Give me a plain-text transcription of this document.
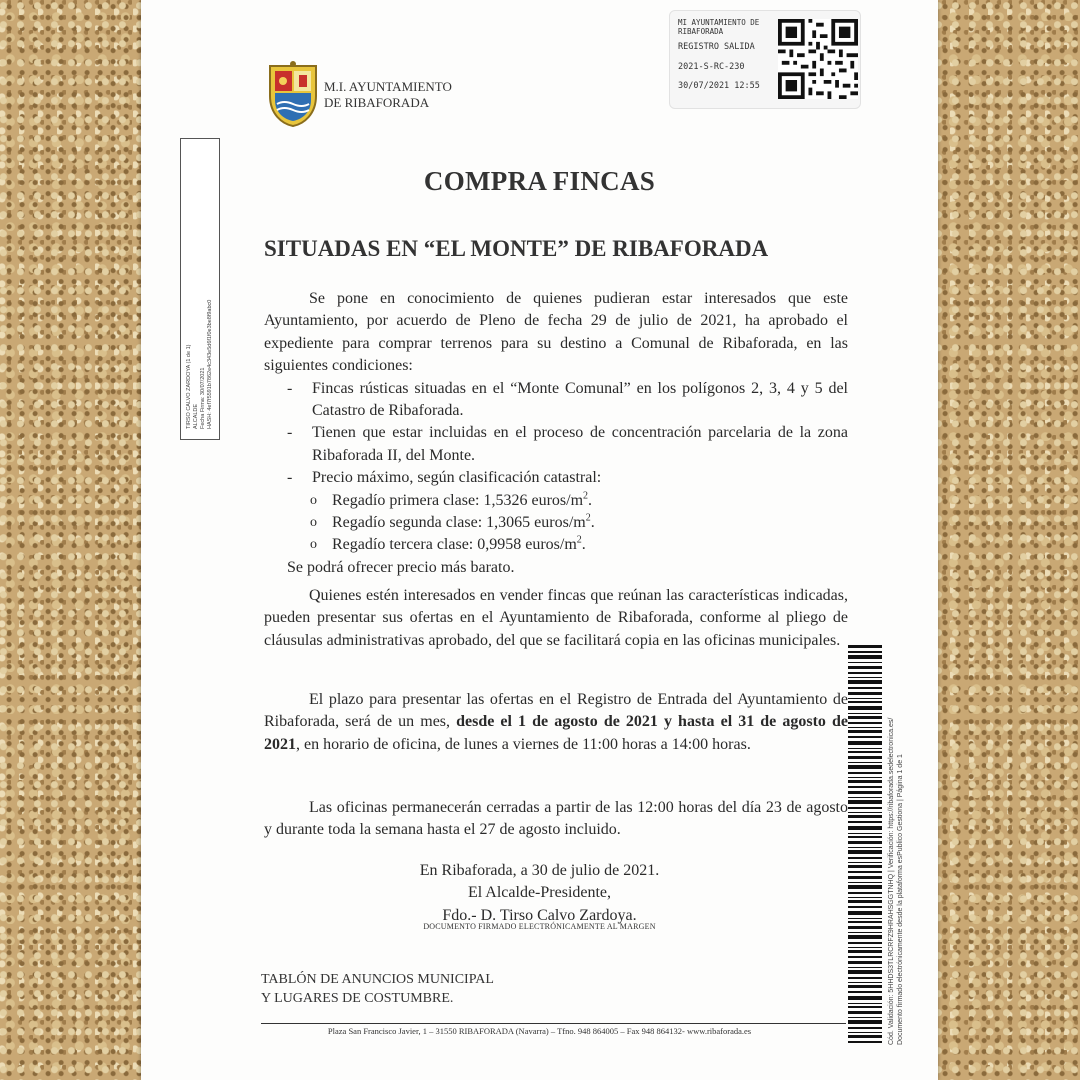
M.I. AYUNTAMIENTO
DE RIBAFORADA
MI AYUNTAMIENTO DE
RIBAFORADA
REGISTRO SALIDA
2021-S-RC-230
30/07/2021 12:55
TIRSO CALVO ZARDOYA (1 de 1) ALCALDE Fecha Firma: 30/07/2021 HASH: 4ef7f5591b7862e4c343e5d6f1f0e3be8f9abc0
COMPRA FINCAS
SITUADAS EN “EL MONTE” DE RIBAFORADA

Se pone en conocimiento de quienes pudieran estar interesados que este Ayuntamiento, por acuerdo de Pleno de fecha 29 de julio de 2021, ha aprobado el expediente para comprar terrenos para su destino a Comunal de Ribaforada, en las siguientes condiciones:

- Fincas rústicas situadas en el “Monte Comunal” en los polígonos 2, 3, 4 y 5 del Catastro de Ribaforada.
- Tienen que estar incluidas en el proceso de concentración parcelaria de la zona Ribaforada II, del Monte.
- Precio máximo, según clasificación catastral:
o Regadío primera clase: 1,5326 euros/$m^2$.
o Regadío segunda clase: 1,3065 euros/$m^2$.
o Regadío tercera clase: 0,9958 euros/$m^2$.

Se podrá ofrecer precio más barato.

Quienes estén interesados en vender fincas que reúnan las características indicadas, pueden presentar sus ofertas en el Ayuntamiento de Ribaforada, conforme al pliego de cláusulas administrativas aprobado, del que se facilitará copia en las oficinas municipales.

El plazo para presentar las ofertas en el Registro de Entrada del Ayuntamiento de Ribaforada, será de un mes, desde el 1 de agosto de 2021 y hasta el 31 de agosto de 2021, en horario de oficina, de lunes a viernes de 11:00 horas a 14:00 horas.

Las oficinas permanecerán cerradas a partir de las 12:00 horas del día 23 de agosto y durante toda la semana hasta el 27 de agosto incluido.

En Ribaforada, a 30 de julio de 2021.
El Alcalde-Presidente,
Fdo.- D. Tirso Calvo Zardoya.
DOCUMENTO FIRMADO ELECTRÓNICAMENTE AL MARGEN
TABLÓN DE ANUNCIOS MUNICIPAL
Y LUGARES DE COSTUMBRE.
Plaza San Francisco Javier, 1 – 31550 RIBAFORADA (Navarra) – Tfno. 948 864005 – Fax 948 864132- www.ribaforada.es	Cód. Validación: 5HHDS3TLRCRFZ9HRAHSGGTNHQ | Verificación: https://ribaforada.sedelectronica.es/ Documento firmado electrónicamente desde la plataforma esPublico Gestiona | Página 1 de 1
